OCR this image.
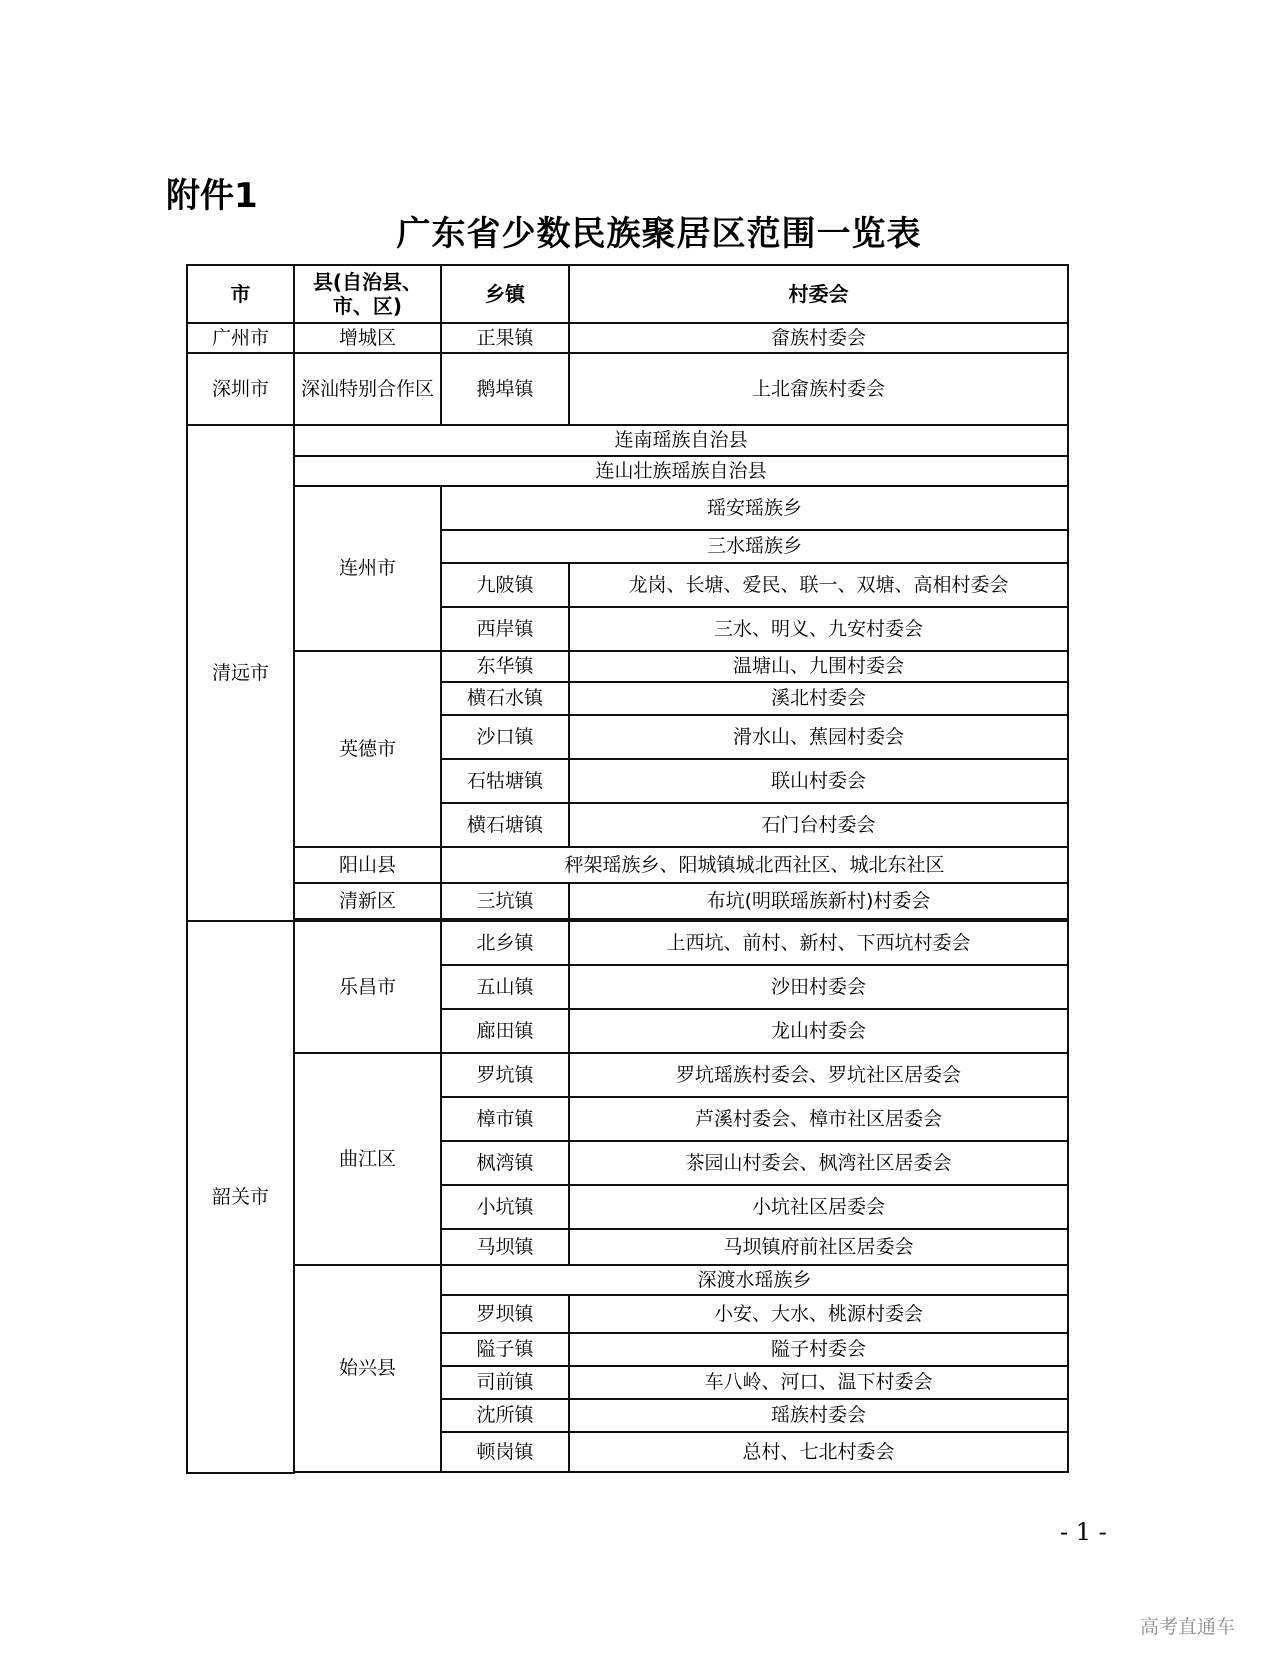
附件1
广东省少数民族聚居区范围一览表
市	县(自治县、市、区)	乡镇	村委会
广州市	增城区	正果镇	畲族村委会
深圳市	深汕特别合作区	鹅埠镇	上北畲族村委会
清远市	连南瑶族自治县		
	连山壮族瑶族自治县		
	连州市	瑶安瑶族乡	
		三水瑶族乡	
		九陂镇	龙岗、长塘、爱民、联一、双塘、高相村委会
		西岸镇	三水、明义、九安村委会
	英德市	东华镇	温塘山、九围村委会
		横石水镇	溪北村委会
		沙口镇	滑水山、蕉园村委会
		石牯塘镇	联山村委会
		横石塘镇	石门台村委会
	阳山县	秤架瑶族乡、阳城镇城北西社区、城北东社区	
	清新区	三坑镇	布坑(明联瑶族新村)村委会

韶关市	乐昌市	北乡镇	上西坑、前村、新村、下西坑村委会
		五山镇	沙田村委会
		廊田镇	龙山村委会
	曲江区	罗坑镇	罗坑瑶族村委会、罗坑社区居委会
		樟市镇	芦溪村委会、樟市社区居委会
		枫湾镇	茶园山村委会、枫湾社区居委会
		小坑镇	小坑社区居委会
		马坝镇	马坝镇府前社区居委会
	始兴县	深渡水瑶族乡	
		罗坝镇	小安、大水、桃源村委会
		隘子镇	隘子村委会
		司前镇	车八岭、河口、温下村委会
		沈所镇	瑶族村委会
		顿岗镇	总村、七北村委会

- 1 -
高考直通车
